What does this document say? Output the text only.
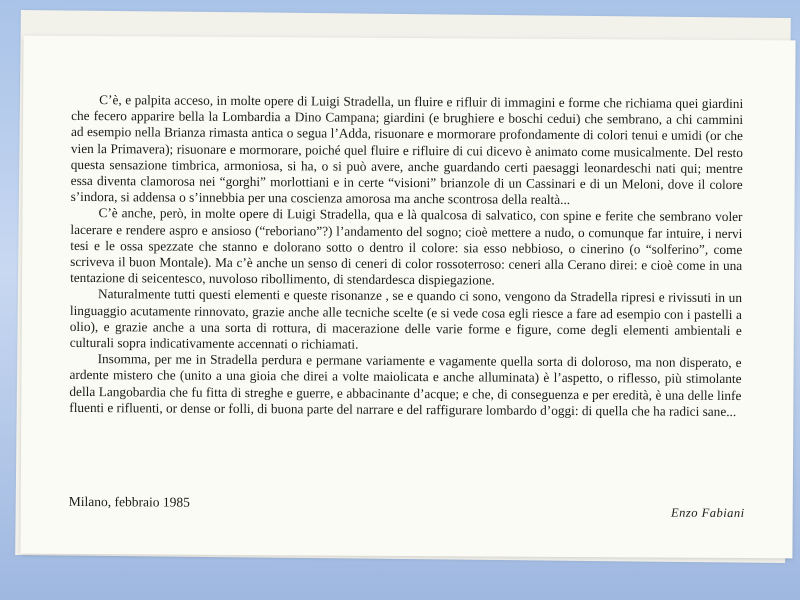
C’è, e palpita acceso, in molte opere di Luigi Stradella, un fluire e rifluir di immagini e forme che richiama quei giardini che fecero apparire bella la Lombardia a Dino Campana; giardini (e brughiere e boschi cedui) che sembrano, a chi cammini ad esempio nella Brianza rimasta antica o segua l’Adda, risuonare e mormorare profondamente di colori tenui e umidi (or che vien la Primavera); risuonare e mormorare, poiché quel fluire e rifluire di cui dicevo è animato come musicalmente. Del resto questa sensazione timbrica, armoniosa, si ha, o si può avere, anche guardando certi paesaggi leonardeschi nati qui; mentre essa diventa clamorosa nei “gorghi” morlottiani e in certe “visioni” brianzole di un Cassinari e di un Meloni, dove il colore s’indora, si addensa o s’innebbia per una coscienza amorosa ma anche scontrosa della realtà...

C’è anche, però, in molte opere di Luigi Stradella, qua e là qualcosa di salvatico, con spine e ferite che sembrano voler lacerare e rendere aspro e ansioso (“reboriano”?) l’andamento del sogno; cioè mettere a nudo, o comunque far intuire, i nervi tesi e le ossa spezzate che stanno e dolorano sotto o dentro il colore: sia esso nebbioso, o cinerino (o “solferino”, come scriveva il buon Montale). Ma c’è anche un senso di ceneri di color rossoterroso: ceneri alla Cerano direi: e cioè come in una tentazione di seicentesco, nuvoloso ribollimento, di stendardesca dispiegazione.

Naturalmente tutti questi elementi e queste risonanze , se e quando ci sono, vengono da Stradella ripresi e rivissuti in un linguaggio acutamente rinnovato, grazie anche alle tecniche scelte (e si vede cosa egli riesce a fare ad esempio con i pastelli a olio), e grazie anche a una sorta di rottura, di macerazione delle varie forme e figure, come degli elementi ambientali e culturali sopra indicativamente accennati o richiamati.

Insomma, per me in Stradella perdura e permane variamente e vagamente quella sorta di doloroso, ma non disperato, e ardente mistero che (unito a una gioia che direi a volte maiolicata e anche alluminata) è l’aspetto, o riflesso, più stimolante della Langobardia che fu fitta di streghe e guerre, e abbacinante d’acque; e che, di conseguenza e per eredità, è una delle linfe fluenti e rifluenti, or dense or folli, di buona parte del narrare e del raffigurare lombardo d’oggi: di quella che ha radici sane...

Milano, febbraio 1985
Enzo Fabiani
